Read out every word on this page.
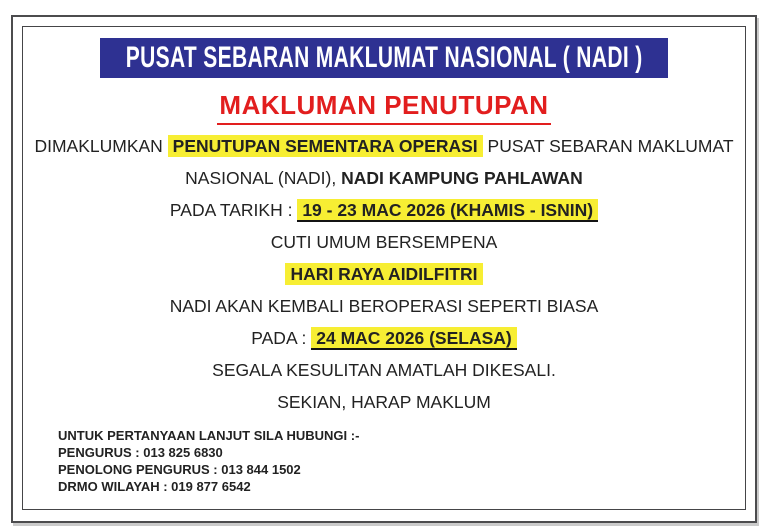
PUSAT SEBARAN MAKLUMAT NASIONAL ( NADI )
MAKLUMAN PENUTUPAN
DIMAKLUMKAN PENUTUPAN SEMENTARA OPERASI PUSAT SEBARAN MAKLUMAT
NASIONAL (NADI), NADI KAMPUNG PAHLAWAN
PADA TARIKH : 19 - 23 MAC 2026 (KHAMIS - ISNIN)
CUTI UMUM BERSEMPENA
HARI RAYA AIDILFITRI
NADI AKAN KEMBALI BEROPERASI SEPERTI BIASA
PADA : 24 MAC 2026 (SELASA)
SEGALA KESULITAN AMATLAH DIKESALI.
SEKIAN, HARAP MAKLUM
UNTUK PERTANYAAN LANJUT SILA HUBUNGI :-
PENGURUS : 013 825 6830
PENOLONG PENGURUS : 013 844 1502
DRMO WILAYAH : 019 877 6542
